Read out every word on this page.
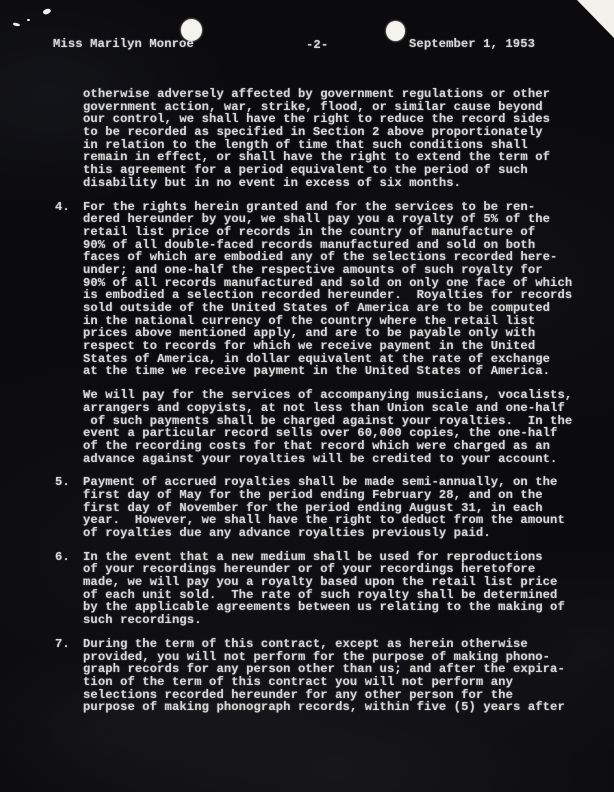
Miss Marilyn Monroe	-2-	September 1, 1953
otherwise adversely affected by government regulations or other
government action, war, strike, flood, or similar cause beyond
our control, we shall have the right to reduce the record sides
to be recorded as specified in Section 2 above proportionately
in relation to the length of time that such conditions shall
remain in effect, or shall have the right to extend the term of
this agreement for a period equivalent to the period of such
disability but in no event in excess of six months.
4.	For the rights herein granted and for the services to be ren-
dered hereunder by you, we shall pay you a royalty of 5% of the
retail list price of records in the country of manufacture of
90% of all double-faced records manufactured and sold on both
faces of which are embodied any of the selections recorded here-
under; and one-half the respective amounts of such royalty for
90% of all records manufactured and sold on only one face of which
is embodied a selection recorded hereunder.  Royalties for records
sold outside of the United States of America are to be computed
in the national currency of the country where the retail list
prices above mentioned apply, and are to be payable only with
respect to records for which we receive payment in the United
States of America, in dollar equivalent at the rate of exchange
at the time we receive payment in the United States of America.
We will pay for the services of accompanying musicians, vocalists,
arrangers and copyists, at not less than Union scale and one-half
of such payments shall be charged against your royalties.  In the
event a particular record sells over 60,000 copies, the one-half
of the recording costs for that record which were charged as an
advance against your royalties will be credited to your account.
5.	Payment of accrued royalties shall be made semi-annually, on the
first day of May for the period ending February 28, and on the
first day of November for the period ending August 31, in each
year.  However, we shall have the right to deduct from the amount
of royalties due any advance royalties previously paid.
6.	In the event that a new medium shall be used for reproductions
of your recordings hereunder or of your recordings heretofore
made, we will pay you a royalty based upon the retail list price
of each unit sold.  The rate of such royalty shall be determined
by the applicable agreements between us relating to the making of
such recordings.
7.	During the term of this contract, except as herein otherwise
provided, you will not perform for the purpose of making phono-
graph records for any person other than us; and after the expira-
tion of the term of this contract you will not perform any
selections recorded hereunder for any other person for the
purpose of making phonograph records, within five (5) years after
